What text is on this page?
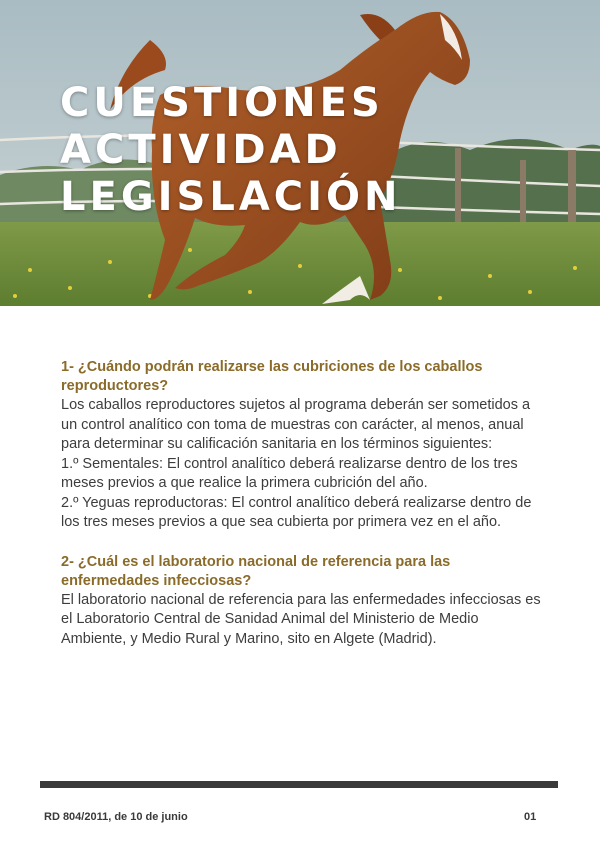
CUESTIONES
ACTIVIDAD
LEGISLACIÓN

1- ¿Cuándo podrán realizarse las cubriciones de los caballos reproductores?

Los caballos reproductores sujetos al programa deberán ser sometidos a un control analítico con toma de muestras con carácter, al menos, anual para determinar su calificación sanitaria en los términos siguientes:

1.º Sementales: El control analítico deberá realizarse dentro de los tres meses previos a que realice la primera cubrición del año.

2.º Yeguas reproductoras: El control analítico deberá realizarse dentro de los tres meses previos a que sea cubierta por primera vez en el año.

2- ¿Cuál es el laboratorio nacional de referencia para las enfermedades infecciosas?

El laboratorio nacional de referencia para las enfermedades infecciosas es el Laboratorio Central de Sanidad Animal del Ministerio de Medio Ambiente, y Medio Rural y Marino, sito en Algete (Madrid).

RD 804/2011, de 10 de junio	01
